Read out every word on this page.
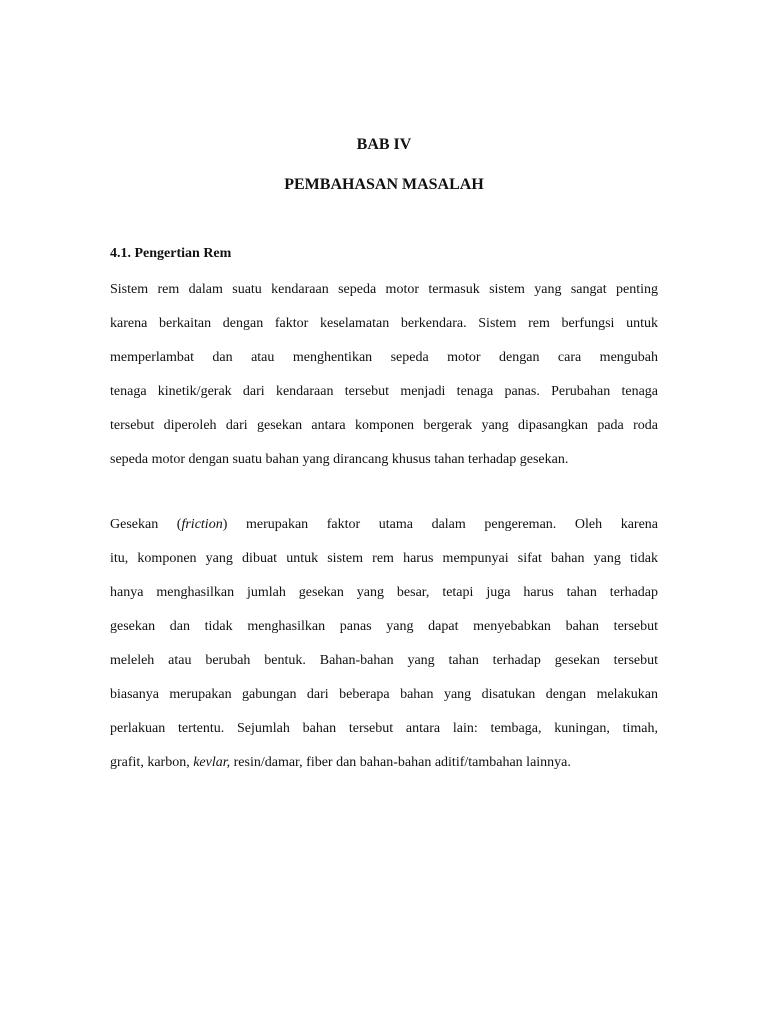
BAB IV
PEMBAHASAN MASALAH
4.1. Pengertian Rem

Sistem rem dalam suatu kendaraan sepeda motor termasuk sistem yang sangat penting
karena berkaitan dengan faktor keselamatan berkendara. Sistem rem berfungsi untuk
memperlambat dan atau menghentikan sepeda motor dengan cara mengubah
tenaga kinetik/gerak dari kendaraan tersebut menjadi tenaga panas. Perubahan tenaga
tersebut diperoleh dari gesekan antara komponen bergerak yang dipasangkan pada roda
sepeda motor dengan suatu bahan yang dirancang khusus tahan terhadap gesekan.

Gesekan (friction) merupakan faktor utama dalam pengereman. Oleh karena
itu, komponen yang dibuat untuk sistem rem harus mempunyai sifat bahan yang tidak
hanya menghasilkan jumlah gesekan yang besar, tetapi juga harus tahan terhadap
gesekan dan tidak menghasilkan panas yang dapat menyebabkan bahan tersebut
meleleh atau berubah bentuk. Bahan-bahan yang tahan terhadap gesekan tersebut
biasanya merupakan gabungan dari beberapa bahan yang disatukan dengan melakukan
perlakuan tertentu. Sejumlah bahan tersebut antara lain: tembaga, kuningan, timah,
grafit, karbon, kevlar, resin/damar, fiber dan bahan-bahan aditif/tambahan lainnya.
